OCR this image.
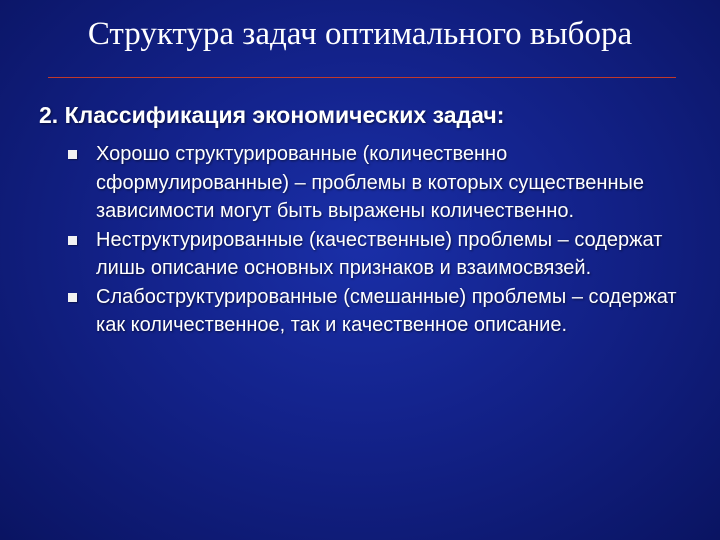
Структура задач оптимального выбора
2. Классификация экономических задач:
Хорошо структурированные (количественно сформулированные) – проблемы в которых существенные зависимости могут быть выражены количественно.
Неструктурированные (качественные) проблемы – содержат лишь описание основных признаков и взаимосвязей.
Слабоструктурированные (смешанные) проблемы – содержат как количественное, так и качественное описание.
